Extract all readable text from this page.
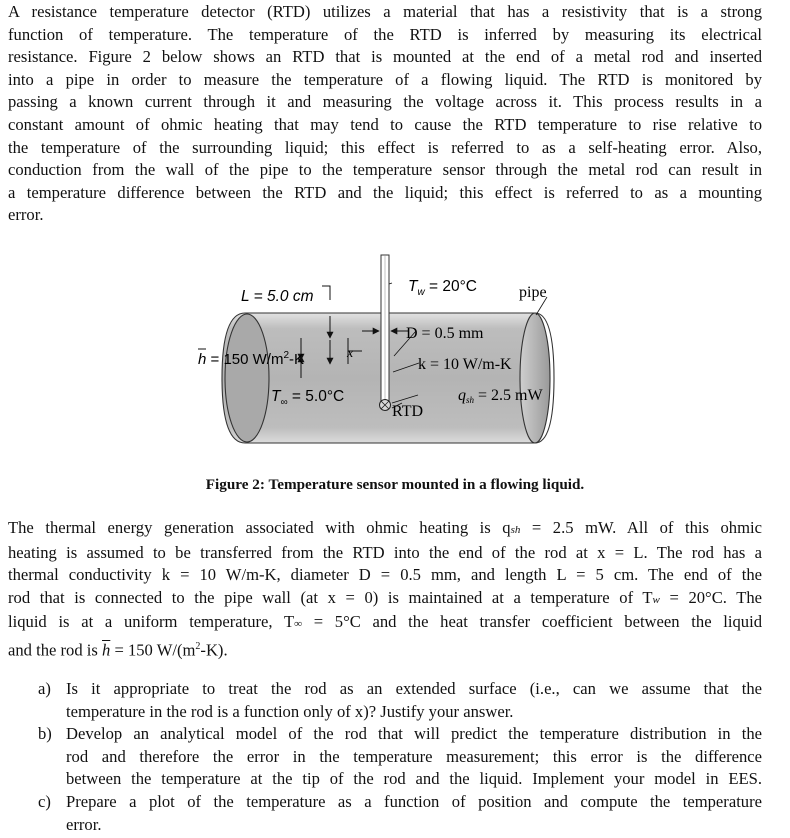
A resistance temperature detector (RTD) utilizes a material that has a resistivity that is a strong
function of temperature. The temperature of the RTD is inferred by measuring its electrical
resistance. Figure 2 below shows an RTD that is mounted at the end of a metal rod and inserted
into a pipe in order to measure the temperature of a flowing liquid. The RTD is monitored by
passing a known current through it and measuring the voltage across it. This process results in a
constant amount of ohmic heating that may tend to cause the RTD temperature to rise relative to
the temperature of the surrounding liquid; this effect is referred to as a self-heating error. Also,
conduction from the wall of the pipe to the temperature sensor through the metal rod can result in
a temperature difference between the RTD and the liquid; this effect is referred to as a mounting
error.
L = 5.0 cm
$T_w = 20^\circ C$	pipe
D = 0.5 mm
h = 150 $W/m^2-K$	x
k = 10 W/m-K
$T_\infty = 5.0^\circ C$	qsh = 2.5 mW
RTD
Figure 2: Temperature sensor mounted in a flowing liquid.
The thermal energy generation associated with ohmic heating is qsh = 2.5 mW. All of this ohmic
heating is assumed to be transferred from the RTD into the end of the rod at x = L. The rod has a
thermal conductivity k = 10 W/m-K, diameter D = 0.5 mm, and length L = 5 cm. The end of the
rod that is connected to the pipe wall (at x = 0) is maintained at a temperature of Tw = 20°C. The
liquid is at a uniform temperature, T∞ = 5°C and the heat transfer coefficient between the liquid
and the rod is $\overline{h} = 150$ $W/(m^2-K)$.
a) Is it appropriate to treat the rod as an extended surface (i.e., can we assume that the
temperature in the rod is a function only of x)? Justify your answer.
b) Develop an analytical model of the rod that will predict the temperature distribution in the
rod and therefore the error in the temperature measurement; this error is the difference
between the temperature at the tip of the rod and the liquid. Implement your model in EES.
c) Prepare a plot of the temperature as a function of position and compute the temperature
error.
